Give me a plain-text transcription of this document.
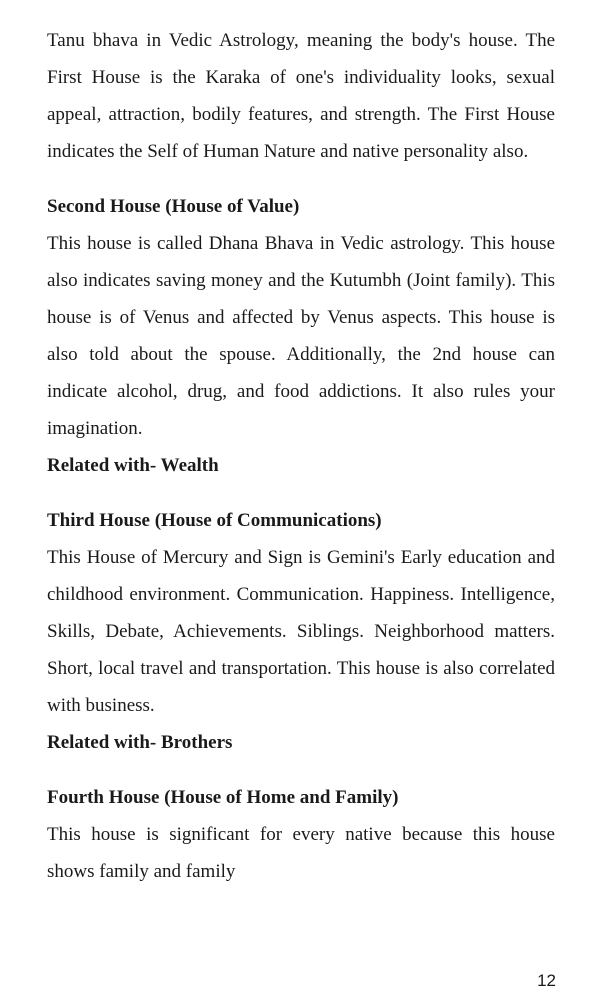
Tanu bhava in Vedic Astrology, meaning the body's house. The First House is the Karaka of one's individuality looks, sexual appeal, attraction, bodily features, and strength. The First House indicates the Self of Human Nature and native personality also.

Second House (House of Value)

This house is called Dhana Bhava in Vedic astrology. This house also indicates saving money and the Kutumbh (Joint family). This house is of Venus and affected by Venus aspects. This house is also told about the spouse. Additionally, the 2nd house can indicate alcohol, drug, and food addictions. It also rules your imagination.

Related with- Wealth

Third House (House of Communications)

This House of Mercury and Sign is Gemini's Early education and childhood environment. Communication. Happiness. Intelligence, Skills, Debate, Achievements. Siblings. Neighborhood matters. Short, local travel and transportation. This house is also correlated with business.

Related with- Brothers

Fourth House (House of Home and Family)

This house is significant for every native because this house shows family and family

12
